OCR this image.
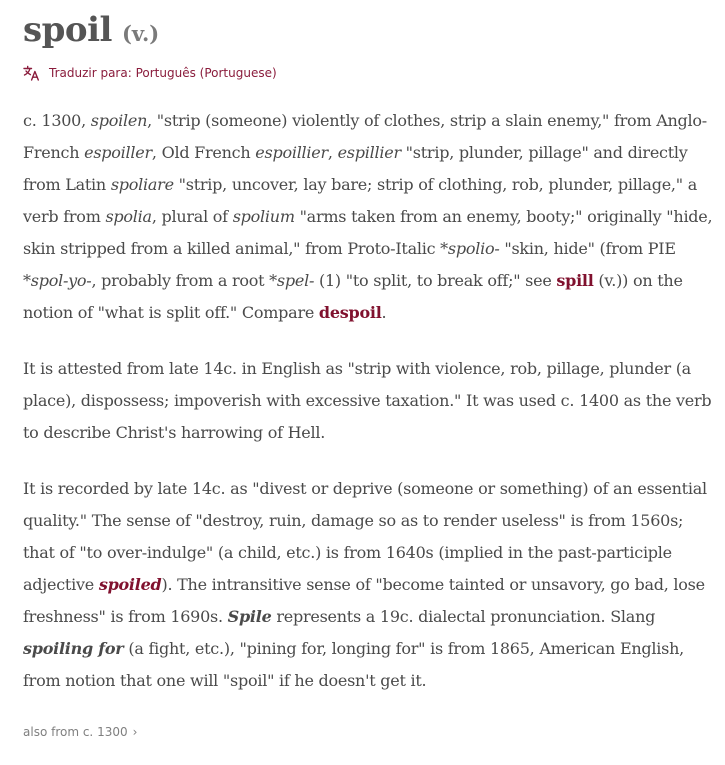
spoil (v.)
Traduzir para: Português (Portuguese)

c. 1300, spoilen, "strip (someone) violently of clothes, strip a slain enemy," from Anglo-French espoiller, Old French espoillier, espillier "strip, plunder, pillage" and directly from Latin spoliare "strip, uncover, lay bare; strip of clothing, rob, plunder, pillage," a verb from spolia, plural of spolium "arms taken from an enemy, booty;" originally "hide, skin stripped from a killed animal," from Proto-Italic *spolio- "skin, hide" (from PIE *spol-yo-, probably from a root *spel- (1) "to split, to break off;" see spill (v.)) on the notion of "what is split off." Compare despoil.

It is attested from late 14c. in English as "strip with violence, rob, pillage, plunder (a place), dispossess; impoverish with excessive taxation." It was used c. 1400 as the verb to describe Christ's harrowing of Hell.

It is recorded by late 14c. as "divest or deprive (someone or something) of an essential quality." The sense of "destroy, ruin, damage so as to render useless" is from 1560s; that of "to over-indulge" (a child, etc.) is from 1640s (implied in the past-participle adjective spoiled). The intransitive sense of "become tainted or unsavory, go bad, lose freshness" is from 1690s. Spile represents a 19c. dialectal pronunciation. Slang spoiling for (a fight, etc.), "pining for, longing for" is from 1865, American English, from notion that one will "spoil" if he doesn't get it.

also from c. 1300 ›
